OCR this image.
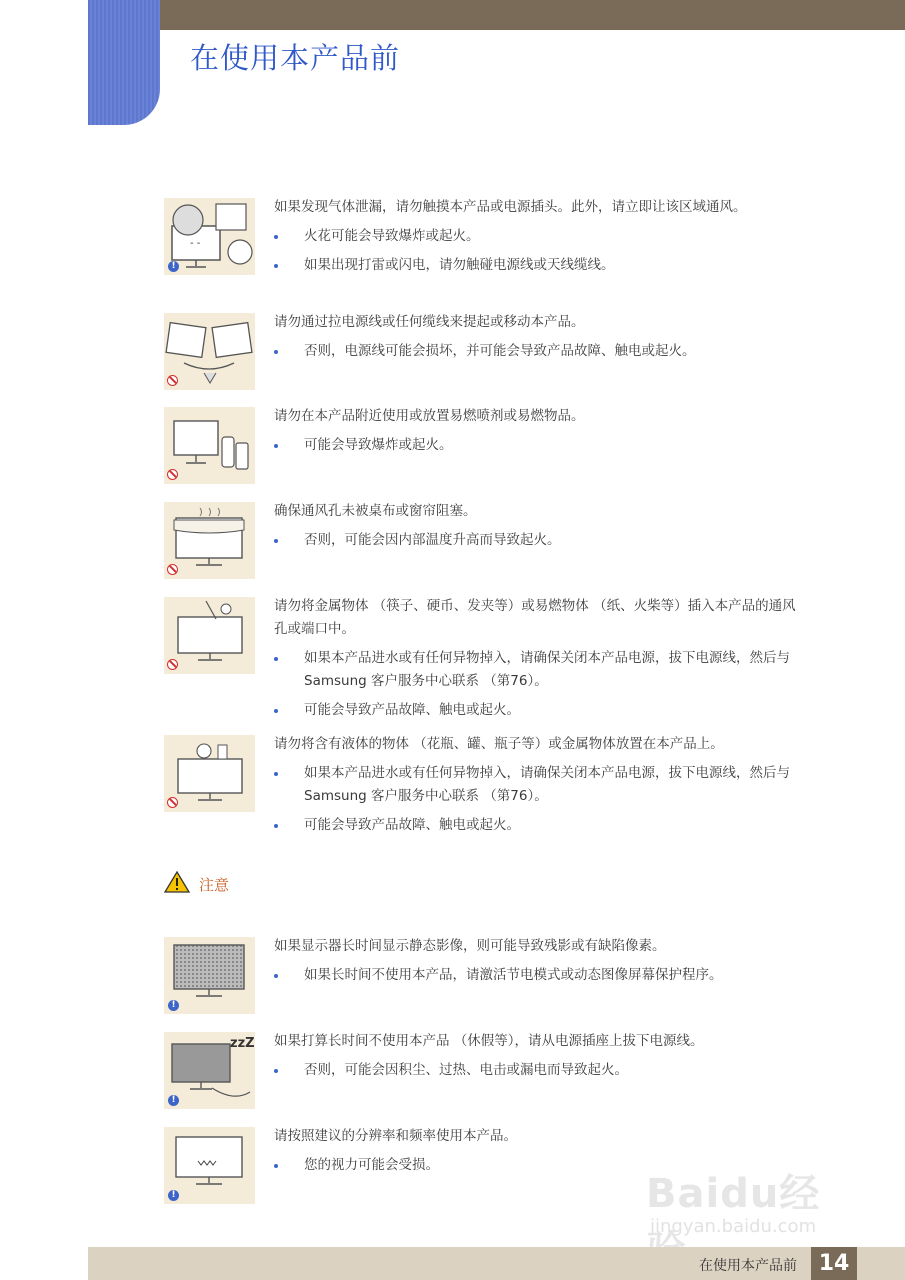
在使用本产品前
- -
!

如果发现气体泄漏，请勿触摸本产品或电源插头。此外，请立即让该区域通风。

火花可能会导致爆炸或起火。
如果出现打雷或闪电，请勿触碰电源线或天线缆线。

请勿通过拉电源线或任何缆线来提起或移动本产品。

否则，电源线可能会损坏，并可能会导致产品故障、触电或起火。

请勿在本产品附近使用或放置易燃喷剂或易燃物品。

可能会导致爆炸或起火。

确保通风孔未被桌布或窗帘阻塞。

否则，可能会因内部温度升高而导致起火。

请勿将金属物体 （筷子、硬币、发夹等）或易燃物体 （纸、火柴等）插入本产品的通风孔或端口中。

如果本产品进水或有任何异物掉入，请确保关闭本产品电源，拔下电源线，然后与 Samsung 客户服务中心联系 （第76）。
可能会导致产品故障、触电或起火。

请勿将含有液体的物体 （花瓶、罐、瓶子等）或金属物体放置在本产品上。

如果本产品进水或有任何异物掉入，请确保关闭本产品电源，拔下电源线，然后与 Samsung 客户服务中心联系 （第76）。
可能会导致产品故障、触电或起火。
注意
!

如果显示器长时间显示静态影像，则可能导致残影或有缺陷像素。

如果长时间不使用本产品，请激活节电模式或动态图像屏幕保护程序。
zzZ
!

如果打算长时间不使用本产品 （休假等），请从电源插座上拔下电源线。

否则，可能会因积尘、过热、电击或漏电而导致起火。
!

请按照建议的分辨率和频率使用本产品。

您的视力可能会受损。
Baidu经
jingyan.baidu.com
在使用本产品前 14
